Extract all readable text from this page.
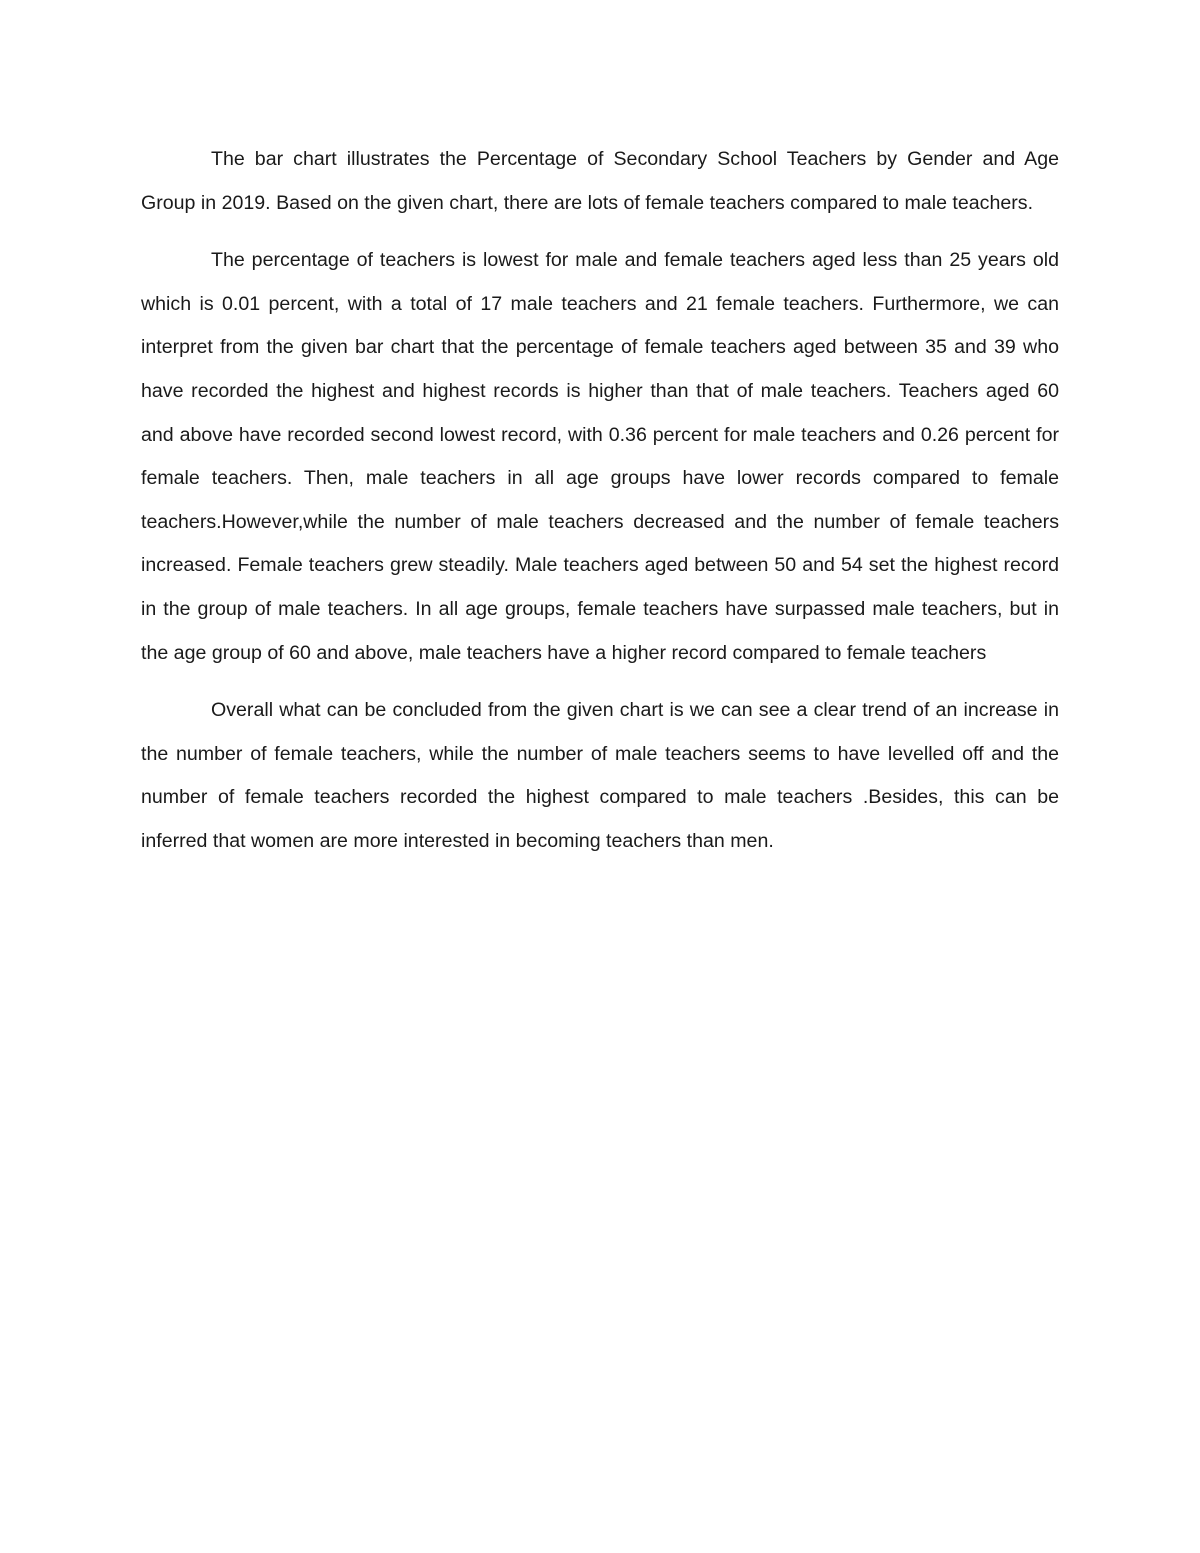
The bar chart illustrates the Percentage of Secondary School Teachers by Gender and Age Group in 2019. Based on the given chart, there are lots of female teachers compared to male teachers.

The percentage of teachers is lowest for male and female teachers aged less than 25 years old which is 0.01 percent, with a total of 17 male teachers and 21 female teachers. Furthermore, we can interpret from the given bar chart that the percentage of female teachers aged between 35 and 39 who have recorded the highest and highest records is higher than that of male teachers. Teachers aged 60 and above have recorded second lowest record, with 0.36 percent for male teachers and 0.26 percent for female teachers. Then, male teachers in all age groups have lower records compared to female teachers.However,while the number of male teachers decreased and the number of female teachers increased. Female teachers grew steadily. Male teachers aged between 50 and 54 set the highest record in the group of male teachers. In all age groups, female teachers have surpassed male teachers, but in the age group of 60 and above, male teachers have a higher record compared to female teachers

Overall what can be concluded from the given chart is we can see a clear trend of an increase in the number of female teachers, while the number of male teachers seems to have levelled off and the number of female teachers recorded the highest compared to male teachers .Besides, this can be inferred that women are more interested in becoming teachers than men.
